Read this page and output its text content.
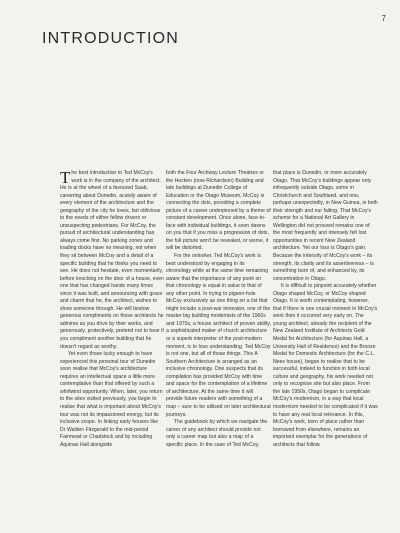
7
INTRODUCTION

The best introduction to Ted McCoy's work is in the company of the architect. He is at the wheel of a favoured Saab, careering about Dunedin, acutely aware of every element of the architecture and the geography of the city he loves, but oblivious to the needs of either fellow drivers or unsuspecting pedestrians. For McCoy, the pursuit of architectural understanding has always come first. No parking zones and loading docks have no meaning, not when they sit between McCoy and a detail of a specific building that he thinks you need to see. He does not hesitate, even momentarily, before knocking on the door of a house, even one that has changed hands many times since it was built, and announcing with grace and charm that he, the architect, wishes to show someone through. He will bestow generous compliments on those architects he admires as you drive by their works, and generously, protectively, pretend not to hear if you compliment another building that he doesn't regard as worthy.

Yet even those lucky enough to have experienced this personal tour of Dunedin soon realise that McCoy's architecture requires an intellectual space a little more contemplative than that offered by such a whirlwind opportunity. When, later, you return to the sites visited previously, you begin to realise that what is important about McCoy's tour was not its impassioned energy, but its inclusive scope. In linking early houses like Dr Walden Fitzgerald to the mid-period Fairmead or Chadstock and by including Aquinas Hall alongside

both the Four Archway Lecture Theatres or the Hocken (now Richardson) Building and late buildings at Dunedin College of Education or the Otago Museum, McCoy is connecting the dots, providing a complete picture of a career underpinned by a theme of constant development. Once alone, face-to-face with individual buildings, it soon dawns on you that if you miss a progression of dots, the full picture won't be revealed, or worse, it will be distorted.

For the onlooker, Ted McCoy's work is best understood by engaging in its chronology while at the same time remaining aware that the importance of any point on that chronology is equal in value to that of any other point. In trying to pigeon-hole McCoy exclusively as one thing on a list that might include a post-war innovator, one of the master big building modernists of the 1960s and 1970s, a house architect of proven ability, a sophisticated maker of church architecture or a superb interpreter of the post-modern moment, is to lose understanding. Ted McCoy is not one, but all of those things. This A Southern Architecture is arranged as an inclusive chronology. One suspects that its compilation has provided McCoy with time and space for the contemplation of a lifetime of architecture. At the same time it will provide future readers with something of a map – sure to be utilised on later architectural journeys.

The guidebook by which we navigate the career of any architect should provide not only a career map but also a map of a specific place. In the case of Ted McCoy,

that place is Dunedin, or more accurately Otago. That McCoy's buildings appear only infrequently outside Otago, some in Christchurch and Southland, and one, perhaps unexpectedly, in New Guinea, is both their strength and our failing. That McCoy's scheme for a National Art Gallery in Wellington did not proceed remains one of the most frequently and intensely felt lost opportunities in recent New Zealand architecture. Yet our loss is Otago's gain. Because the intensity of McCoy's work – its strength, its clarity and its assertiveness – is something born of, and enhanced by, its concentration in Otago.

It is difficult to pinpoint accurately whether Otago shaped McCoy, or McCoy shaped Otago. It is worth contemplating, however, that if there is one crucial moment in McCoy's work then it occurred very early on. The young architect, already the recipient of the New Zealand Institute of Architects Gold Medal for Architecture (for Aquinas Hall, a University Hall of Residence) and the Bronze Medal for Domestic Architecture (for the C.L. Nees house), began to realise that to be successful, indeed to function in both local culture and geography, his work needed not only to recognise site but also place. From the late 1950s, Otago began to complicate McCoy's modernism, in a way that local modernism needed to be complicated if it was to have any real local relevance. In this, McCoy's work, born of place rather than borrowed from elsewhere, remains an important exemplar for the generations of architects that follow.
